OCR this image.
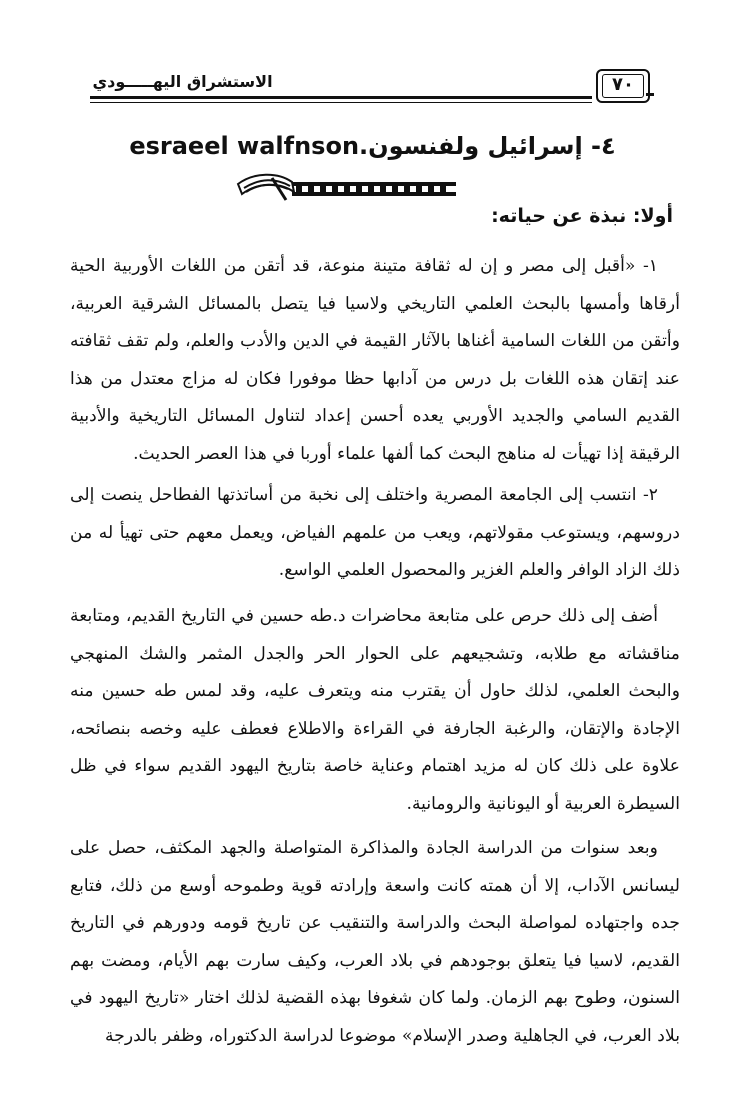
الاستشراق اليهـــــودي	٧٠
٤- إسرائيل ولفنسون.esraeel walfnson
أولا: نبذة عن حياته:

١- «أقبل إلى مصر و إن له ثقافة متينة منوعة، قد أتقن من اللغات الأوربية الحية أرقاها وأمسها بالبحث العلمي التاريخي ولاسيا فيا يتصل بالمسائل الشرقية العربية، وأتقن من اللغات السامية أغناها بالآثار القيمة في الدين والأدب والعلم، ولم تقف ثقافته عند إتقان هذه اللغات بل درس من آدابها حظا موفورا فكان له مزاج معتدل من هذا القديم السامي والجديد الأوربي يعده أحسن إعداد لتناول المسائل التاريخية والأدبية الرقيقة إذا تهيأت له مناهج البحث كما ألفها علماء أوربا في هذا العصر الحديث.

٢- انتسب إلى الجامعة المصرية واختلف إلى نخبة من أساتذتها الفطاحل ينصت إلى دروسهم، ويستوعب مقولاتهم، ويعب من علمهم الفياض، ويعمل معهم حتى تهيأ له من ذلك الزاد الوافر والعلم الغزير والمحصول العلمي الواسع.

أضف إلى ذلك حرص على متابعة محاضرات د.طه حسين في التاريخ القديم، ومتابعة مناقشاته مع طلابه، وتشجيعهم على الحوار الحر والجدل المثمر والشك المنهجي والبحث العلمي، لذلك حاول أن يقترب منه ويتعرف عليه، وقد لمس طه حسين منه الإجادة والإتقان، والرغبة الجارفة في القراءة والاطلاع فعطف عليه وخصه بنصائحه، علاوة على ذلك كان له مزيد اهتمام وعناية خاصة بتاريخ اليهود القديم سواء في ظل السيطرة العربية أو اليونانية والرومانية.

وبعد سنوات من الدراسة الجادة والمذاكرة المتواصلة والجهد المكثف، حصل على ليسانس الآداب، إلا أن همته كانت واسعة وإرادته قوية وطموحه أوسع من ذلك، فتابع جده واجتهاده لمواصلة البحث والدراسة والتنقيب عن تاريخ قومه ودورهم في التاريخ القديم، لاسيا فيا يتعلق بوجودهم في بلاد العرب، وكيف سارت بهم الأيام، ومضت بهم السنون، وطوح بهم الزمان. ولما كان شغوفا بهذه القضية لذلك اختار «تاريخ اليهود في بلاد العرب، في الجاهلية وصدر الإسلام» موضوعا لدراسة الدكتوراه، وظفر بالدرجة
